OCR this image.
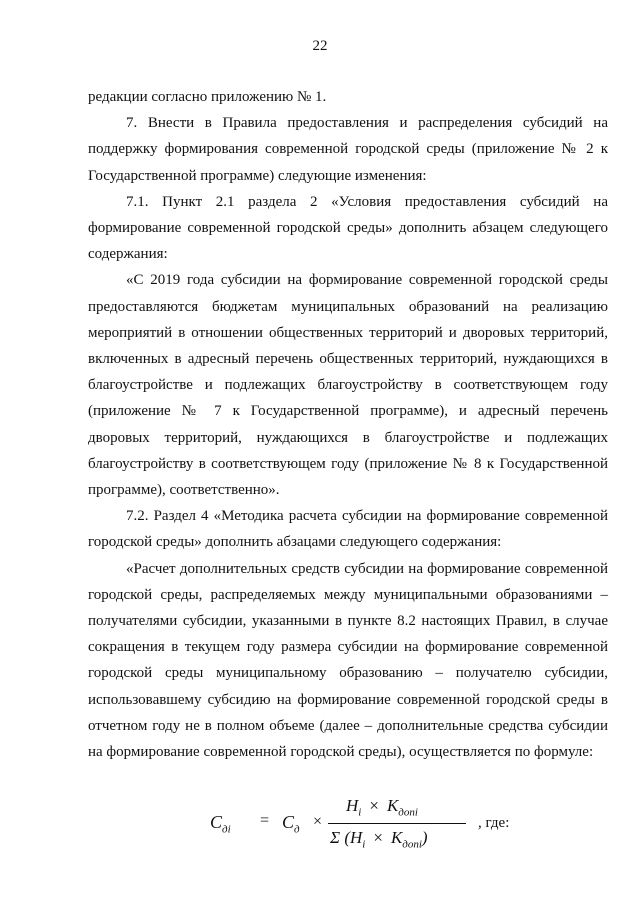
22

редакции согласно приложению № 1.

7. Внести в Правила предоставления и распределения субсидий на поддержку формирования современной городской среды (приложение № 2 к Государственной программе) следующие изменения:

7.1. Пункт 2.1 раздела 2 «Условия предоставления субсидий на формирование современной городской среды» дополнить абзацем следующего содержания:

«С 2019 года субсидии на формирование современной городской среды предоставляются бюджетам муниципальных образований на реализацию мероприятий в отношении общественных территорий и дворовых территорий, включенных в адресный перечень общественных территорий, нуждающихся в благоустройстве и подлежащих благоустройству в соответствующем году (приложение № 7 к Государственной программе), и адресный перечень дворовых территорий, нуждающихся в благоустройстве и подлежащих благоустройству в соответствующем году (приложение № 8 к Государственной программе), соответственно».

7.2. Раздел 4 «Методика расчета субсидии на формирование современной городской среды» дополнить абзацами следующего содержания:

«Расчет дополнительных средств субсидии на формирование современной городской среды, распределяемых между муниципальными образованиями – получателями субсидии, указанными в пункте 8.2 настоящих Правил, в случае сокращения в текущем году размера субсидии на формирование современной городской среды муниципальному образованию – получателю субсидии, использовавшему субсидию на формирование современной городской среды в отчетном году не в полном объеме (далее – дополнительные средства субсидии на формирование современной городской среды), осуществляется по формуле:

$С_{дi}$
= $С_д$ ×
$H_i \times K_{допi}$
Σ $(H_i \times K_{допi})$
, где:
